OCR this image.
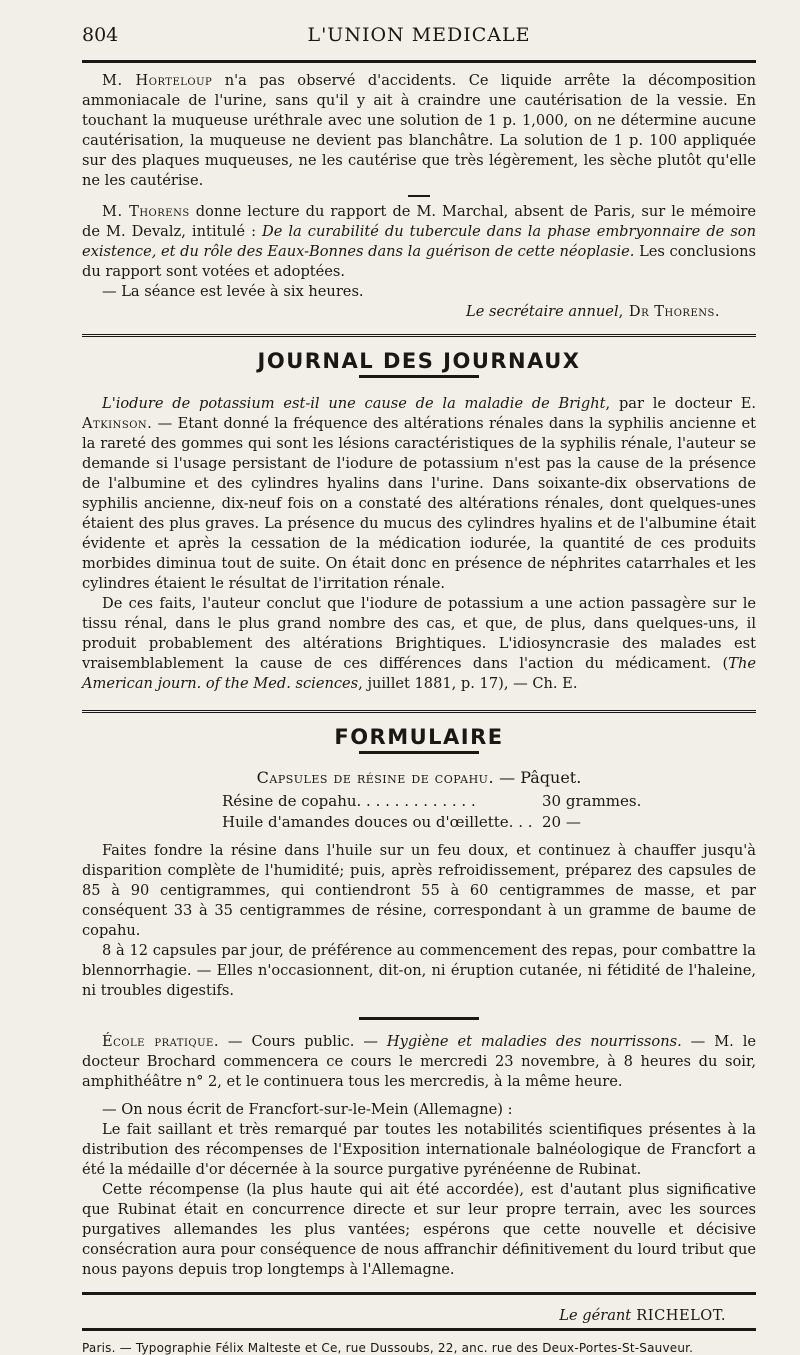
804	L'UNION MEDICALE

M. Horteloup n'a pas observé d'accidents. Ce liquide arrête la décomposition ammoniacale de l'urine, sans qu'il y ait à craindre une cautérisation de la vessie. En touchant la muqueuse uréthrale avec une solution de 1 p. 1,000, on ne détermine aucune cautérisation, la muqueuse ne devient pas blanchâtre. La solution de 1 p. 100 appliquée sur des plaques muqueuses, ne les cautérise que très légèrement, les sèche plutôt qu'elle ne les cautérise.

M. Thorens donne lecture du rapport de M. Marchal, absent de Paris, sur le mémoire de M. Devalz, intitulé : De la curabilité du tubercule dans la phase embryonnaire de son existence, et du rôle des Eaux-Bonnes dans la guérison de cette néoplasie. Les conclusions du rapport sont votées et adoptées.

— La séance est levée à six heures.

Le secrétaire annuel, Dr Thorens.

JOURNAL DES JOURNAUX

L'iodure de potassium est-il une cause de la maladie de Bright, par le docteur E. Atkinson. — Etant donné la fréquence des altérations rénales dans la syphilis ancienne et la rareté des gommes qui sont les lésions caractéristiques de la syphilis rénale, l'auteur se demande si l'usage persistant de l'iodure de potassium n'est pas la cause de la présence de l'albumine et des cylindres hyalins dans l'urine. Dans soixante-dix observations de syphilis ancienne, dix-neuf fois on a constaté des altérations rénales, dont quelques-unes étaient des plus graves. La présence du mucus des cylindres hyalins et de l'albumine était évidente et après la cessation de la médication iodurée, la quantité de ces produits morbides diminua tout de suite. On était donc en présence de néphrites catarrhales et les cylindres étaient le résultat de l'irritation rénale.

De ces faits, l'auteur conclut que l'iodure de potassium a une action passagère sur le tissu rénal, dans le plus grand nombre des cas, et que, de plus, dans quelques-uns, il produit probablement des altérations Brightiques. L'idiosyncrasie des malades est vraisemblablement la cause de ces différences dans l'action du médicament. (The American journ. of the Med. sciences, juillet 1881, p. 17), — Ch. E.

FORMULAIRE
Capsules de résine de copahu. — Pâquet.
Résine de copahu. . . . . . . . . . . . .	30 grammes.
Huile d'amandes douces ou d'œillette. . . 20 —

Faites fondre la résine dans l'huile sur un feu doux, et continuez à chauffer jusqu'à disparition complète de l'humidité; puis, après refroidissement, préparez des capsules de 85 à 90 centigrammes, qui contiendront 55 à 60 centigrammes de masse, et par conséquent 33 à 35 centigrammes de résine, correspondant à un gramme de baume de copahu.

8 à 12 capsules par jour, de préférence au commencement des repas, pour combattre la blennorrhagie. — Elles n'occasionnent, dit-on, ni éruption cutanée, ni fétidité de l'haleine, ni troubles digestifs.

École pratique. — Cours public. — Hygiène et maladies des nourrissons. — M. le docteur Brochard commencera ce cours le mercredi 23 novembre, à 8 heures du soir, amphithéâtre n° 2, et le continuera tous les mercredis, à la même heure.

— On nous écrit de Francfort-sur-le-Mein (Allemagne) :

Le fait saillant et très remarqué par toutes les notabilités scientifiques présentes à la distribution des récompenses de l'Exposition internationale balnéologique de Francfort a été la médaille d'or décernée à la source purgative pyrénéenne de Rubinat.

Cette récompense (la plus haute qui ait été accordée), est d'autant plus significative que Rubinat était en concurrence directe et sur leur propre terrain, avec les sources purgatives allemandes les plus vantées; espérons que cette nouvelle et décisive consécration aura pour conséquence de nous affranchir définitivement du lourd tribut que nous payons depuis trop longtemps à l'Allemagne.

Le gérant RICHELOT.
Paris. — Typographie Félix Malteste et Ce, rue Dussoubs, 22, anc. rue des Deux-Portes-St-Sauveur.
